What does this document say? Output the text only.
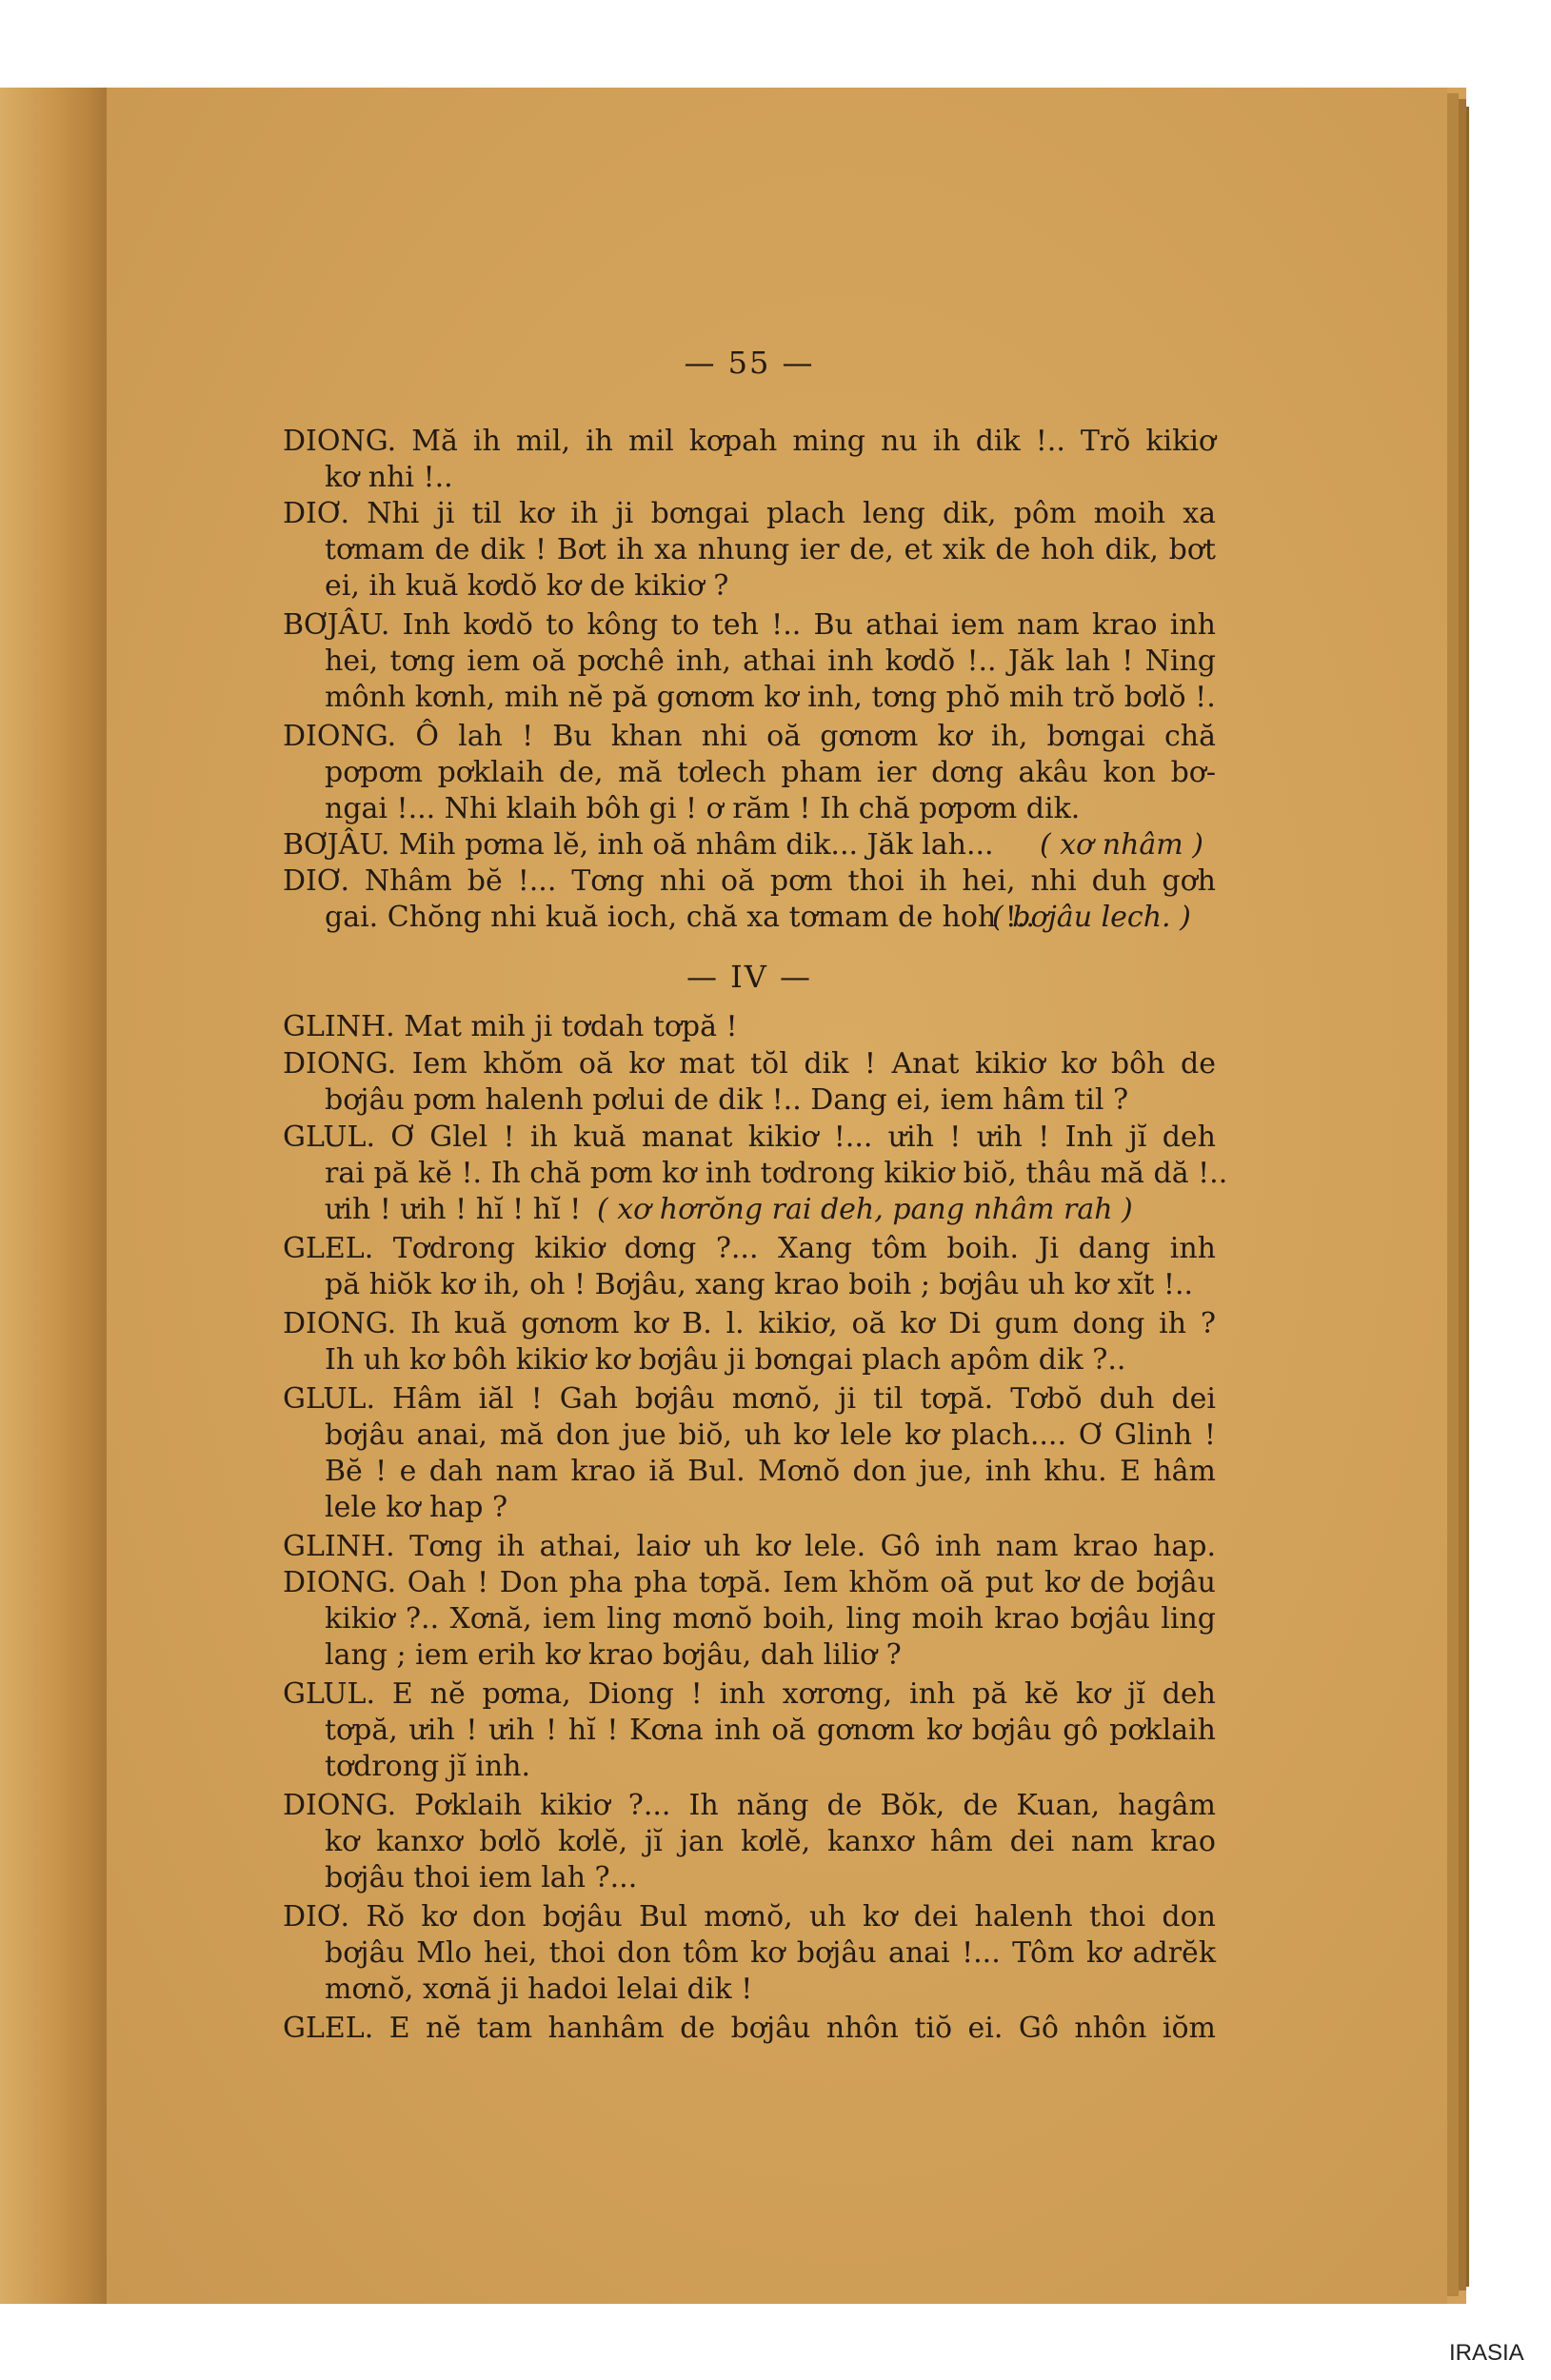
— 55 —
DIONG. Mă ih mil, ih mil kơpah ming nu ih dik !.. Trŏ kikiơ
kơ nhi !..
DIƠ. Nhi ji til kơ ih ji bơngai plach leng dik, pôm moih xa
tơmam de dik ! Bơt ih xa nhung ier de, et xik de hoh dik, bơt
ei, ih kuă kơdŏ kơ de kikiơ ?
BƠJÂU. Inh kơdŏ to kông to teh !.. Bu athai iem nam krao inh
hei, tơng iem oă pơchê inh, athai inh kơdŏ !.. Jăk lah ! Ning
mônh kơnh, mih nĕ pă gơnơm kơ inh, tơng phŏ mih trŏ bơlŏ !.
DIONG. Ô lah ! Bu khan nhi oă gơnơm kơ ih, bơngai chă
pơpơm pơklaih de, mă tơlech pham ier dơng akâu kon bơ-
ngai !... Nhi klaih bôh gi ! ơ răm ! Ih chă pơpơm dik.
BƠJÂU. Mih pơma lĕ, inh oă nhâm dik... Jăk lah... ( xơ nhâm )
DIƠ. Nhâm bĕ !... Tơng nhi oă pơm thoi ih hei, nhi duh gơh
gai. Chŏng nhi kuă ioch, chă xa tơmam de hoh !..
( bơjâu lech. )
— IV —
GLINH. Mat mih ji tơdah tơpă !
DIONG. Iem khŏm oă kơ mat tŏl dik ! Anat kikiơ kơ bôh de
bơjâu pơm halenh pơlui de dik !.. Dang ei, iem hâm til ?
GLUL. Ơ Glel ! ih kuă manat kikiơ !... ưih ! ưih ! Inh jĭ deh
rai pă kĕ !. Ih chă pơm kơ inh tơdrong kikiơ biŏ, thâu mă dă !..
ưih ! ưih ! hĭ ! hĭ ! ( xơ hơrŏng rai deh, pang nhâm rah )
GLEL. Tơdrong kikiơ dơng ?... Xang tôm boih. Ji dang inh
pă hiŏk kơ ih, oh ! Bơjâu, xang krao boih ; bơjâu uh kơ xĭt !..
DIONG. Ih kuă gơnơm kơ B. l. kikiơ, oă kơ Di gum dong ih ?
Ih uh kơ bôh kikiơ kơ bơjâu ji bơngai plach apôm dik ?..
GLUL. Hâm iăl ! Gah bơjâu mơnŏ, ji til tơpă. Tơbŏ duh dei
bơjâu anai, mă don jue biŏ, uh kơ lele kơ plach.... Ơ Glinh !
Bĕ ! e dah nam krao iă Bul. Mơnŏ don jue, inh khu. E hâm
lele kơ hap ?
GLINH. Tơng ih athai, laiơ uh kơ lele. Gô inh nam krao hap.
DIONG. Oah ! Don pha pha tơpă. Iem khŏm oă put kơ de bơjâu
kikiơ ?.. Xơnă, iem ling mơnŏ boih, ling moih krao bơjâu ling
lang ; iem erih kơ krao bơjâu, dah liliơ ?
GLUL. E nĕ pơma, Diong ! inh xơrơng, inh pă kĕ kơ jĭ deh
tơpă, ưih ! ưih ! hĭ ! Kơna inh oă gơnơm kơ bơjâu gô pơklaih
tơdrong jĭ inh.
DIONG. Pơklaih kikiơ ?... Ih năng de Bŏk, de Kuan, hagâm
kơ kanxơ bơlŏ kơlĕ, jĭ jan kơlĕ, kanxơ hâm dei nam krao
bơjâu thoi iem lah ?...
DIƠ. Rŏ kơ don bơjâu Bul mơnŏ, uh kơ dei halenh thoi don
bơjâu Mlo hei, thoi don tôm kơ bơjâu anai !... Tôm kơ adrĕk
mơnŏ, xơnă ji hadoi lelai dik !
GLEL. E nĕ tam hanhâm de bơjâu nhôn tiŏ ei. Gô nhôn iŏm
IRASIA
